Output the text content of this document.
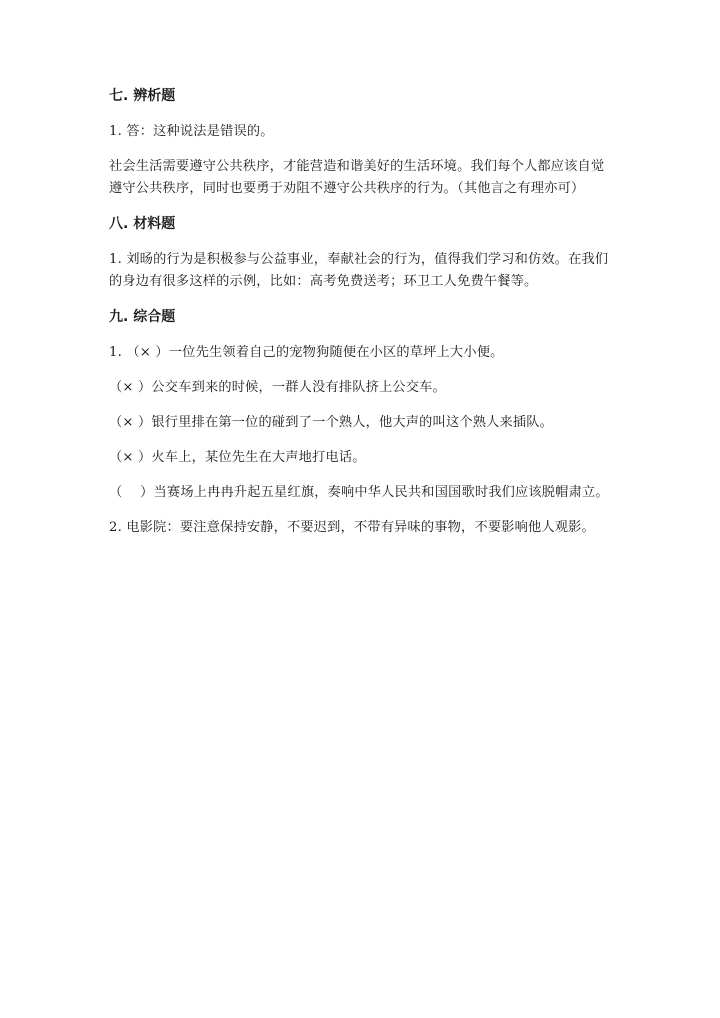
七. 辨析题
1. 答：这种说法是错误的。
社会生活需要遵守公共秩序，才能营造和谐美好的生活环境。我们每个人都应该自觉遵守公共秩序，同时也要勇于劝阻不遵守公共秩序的行为。（其他言之有理亦可）
八. 材料题
1. 刘旸的行为是积极参与公益事业，奉献社会的行为，值得我们学习和仿效。在我们的身边有很多这样的示例，比如：高考免费送考；环卫工人免费午餐等。
九. 综合题
1. （× ）一位先生领着自己的宠物狗随便在小区的草坪上大小便。
（× ）公交车到来的时候，一群人没有排队挤上公交车。
（× ）银行里排在第一位的碰到了一个熟人，他大声的叫这个熟人来插队。
（× ）火车上，某位先生在大声地打电话。
（　 ）当赛场上冉冉升起五星红旗，奏响中华人民共和国国歌时我们应该脱帽肃立。
2. 电影院：要注意保持安静，不要迟到，不带有异味的事物，不要影响他人观影。
